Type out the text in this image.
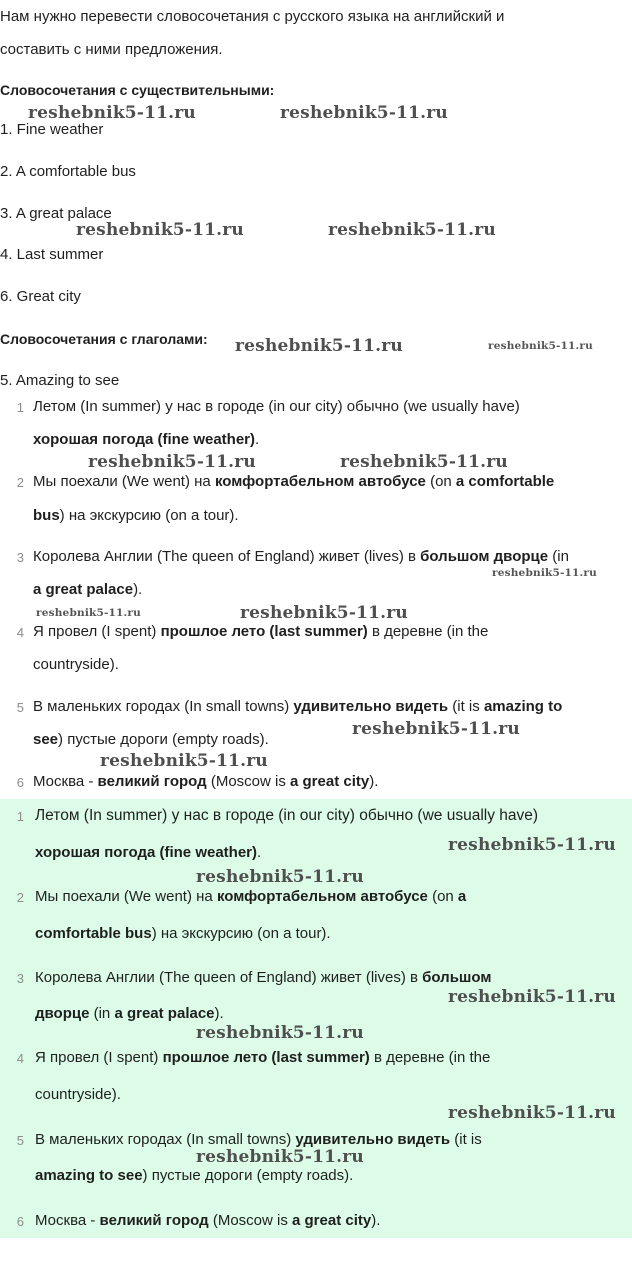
Нам нужно перевести словосочетания с русского языка на английский и
составить с ними предложения.
Словосочетания с существительными:
1. Fine weather
2. A comfortable bus
3. A great palace
4. Last summer
6. Great city
Словосочетания с глаголами:
5. Amazing to see
1 Летом (In summer) у нас в городе (in our city) обычно (we usually have)
хорошая погода (fine weather).
2 Мы поехали (We went) на комфортабельном автобусе (on a comfortable
bus) на экскурсию (on a tour).
3 Королева Англии (The queen of England) живет (lives) в большом дворце (in
a great palace).
4 Я провел (I spent) прошлое лето (last summer) в деревне (in the
countryside).
5 В маленьких городах (In small towns) удивительно видеть (it is amazing to
see) пустые дороги (empty roads).
6 Москва - великий город (Moscow is a great city).
1 Летом (In summer) у нас в городе (in our city) обычно (we usually have)
хорошая погода (fine weather).
2 Мы поехали (We went) на комфортабельном автобусе (on a
comfortable bus) на экскурсию (on a tour).
3 Королева Англии (The queen of England) живет (lives) в большом
дворце (in a great palace).
4 Я провел (I spent) прошлое лето (last summer) в деревне (in the
countryside).
5 В маленьких городах (In small towns) удивительно видеть (it is
amazing to see) пустые дороги (empty roads).
6 Москва - великий город (Moscow is a great city).
reshebnik5-11.ru	reshebnik5-11.ru
reshebnik5-11.ru	reshebnik5-11.ru
reshebnik5-11.ru	reshebnik5-11.ru
reshebnik5-11.ru	reshebnik5-11.ru
reshebnik5-11.ru
reshebnik5-11.ru	reshebnik5-11.ru
reshebnik5-11.ru
reshebnik5-11.ru
reshebnik5-11.ru
reshebnik5-11.ru
reshebnik5-11.ru
reshebnik5-11.ru
reshebnik5-11.ru
reshebnik5-11.ru
